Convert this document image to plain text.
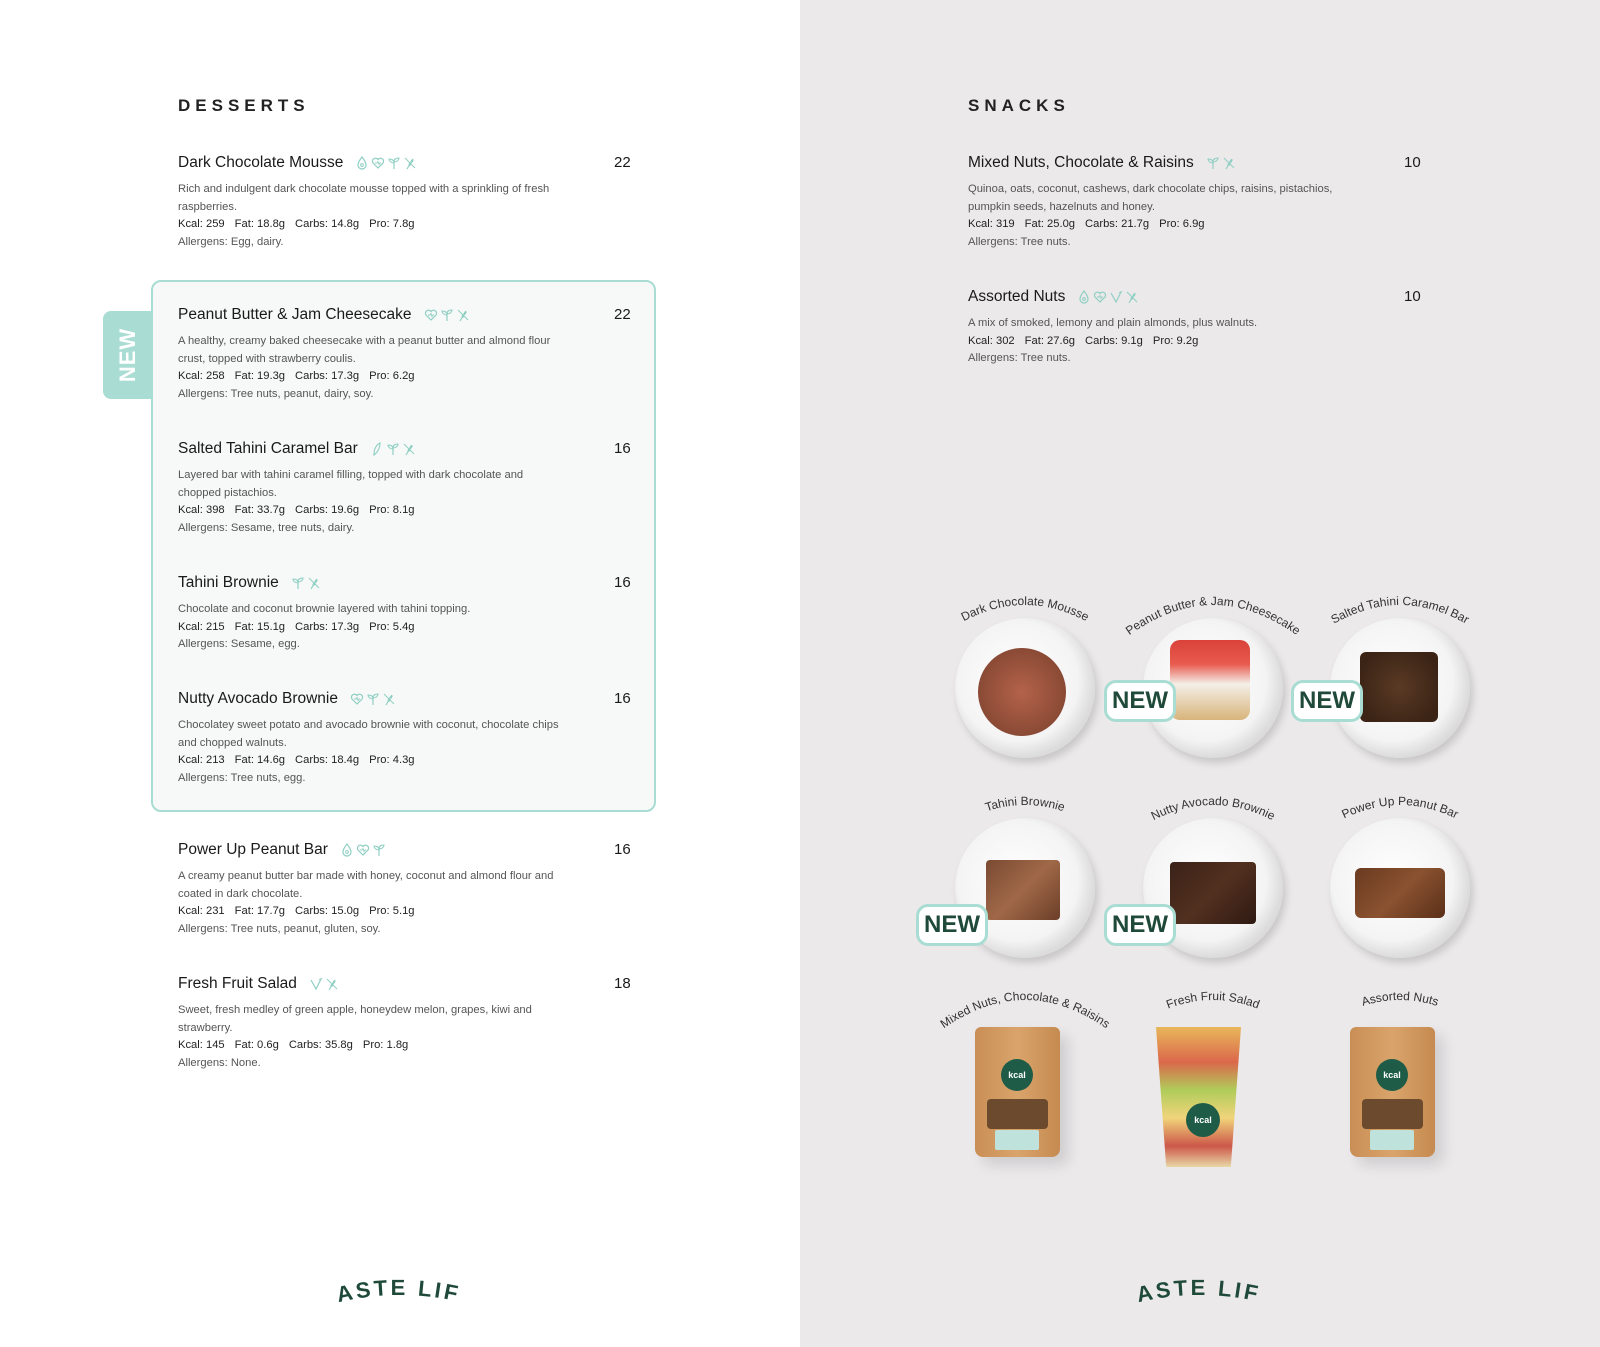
DESSERTS
NEW
Dark Chocolate Mousse	22
Rich and indulgent dark chocolate mousse topped with a sprinkling of fresh raspberries.
Kcal: 259 Fat: 18.8g Carbs: 14.8g Pro: 7.8g
Allergens: Egg, dairy.
Peanut Butter & Jam Cheesecake	22
A healthy, creamy baked cheesecake with a peanut butter and almond flour crust, topped with strawberry coulis.
Kcal: 258 Fat: 19.3g Carbs: 17.3g Pro: 6.2g
Allergens: Tree nuts, peanut, dairy, soy.
Salted Tahini Caramel Bar	16
Layered bar with tahini caramel filling, topped with dark chocolate and chopped pistachios.
Kcal: 398 Fat: 33.7g Carbs: 19.6g Pro: 8.1g
Allergens: Sesame, tree nuts, dairy.
Tahini Brownie	16
Chocolate and coconut brownie layered with tahini topping.
Kcal: 215 Fat: 15.1g Carbs: 17.3g Pro: 5.4g
Allergens: Sesame, egg.
Nutty Avocado Brownie	16
Chocolatey sweet potato and avocado brownie with coconut, chocolate chips and chopped walnuts.
Kcal: 213 Fat: 14.6g Carbs: 18.4g Pro: 4.3g
Allergens: Tree nuts, egg.
Power Up Peanut Bar	16
A creamy peanut butter bar made with honey, coconut and almond flour and coated in dark chocolate.
Kcal: 231 Fat: 17.7g Carbs: 15.0g Pro: 5.1g
Allergens: Tree nuts, peanut, gluten, soy.
Fresh Fruit Salad	18
Sweet, fresh medley of green apple, honeydew melon, grapes, kiwi and strawberry.
Kcal: 145 Fat: 0.6g Carbs: 35.8g Pro: 1.8g
Allergens: None.
ASTE LIF
SNACKS
Mixed Nuts, Chocolate & Raisins	10
Quinoa, oats, coconut, cashews, dark chocolate chips, raisins, pistachios, pumpkin seeds, hazelnuts and honey.
Kcal: 319 Fat: 25.0g Carbs: 21.7g Pro: 6.9g
Allergens: Tree nuts.
Assorted Nuts	10
A mix of smoked, lemony and plain almonds, plus walnuts.
Kcal: 302 Fat: 27.6g Carbs: 9.1g Pro: 9.2g
Allergens: Tree nuts.
Dark Chocolate Mousse
Peanut Butter & Jam Cheesecake
NEW
Salted Tahini Caramel Bar
NEW
Tahini Brownie
NEW
Nutty Avocado Brownie
NEW
Power Up Peanut Bar
Mixed Nuts, Chocolate & Raisins
kcal
Fresh Fruit Salad
kcal
Assorted Nuts
kcal
ASTE LIF
